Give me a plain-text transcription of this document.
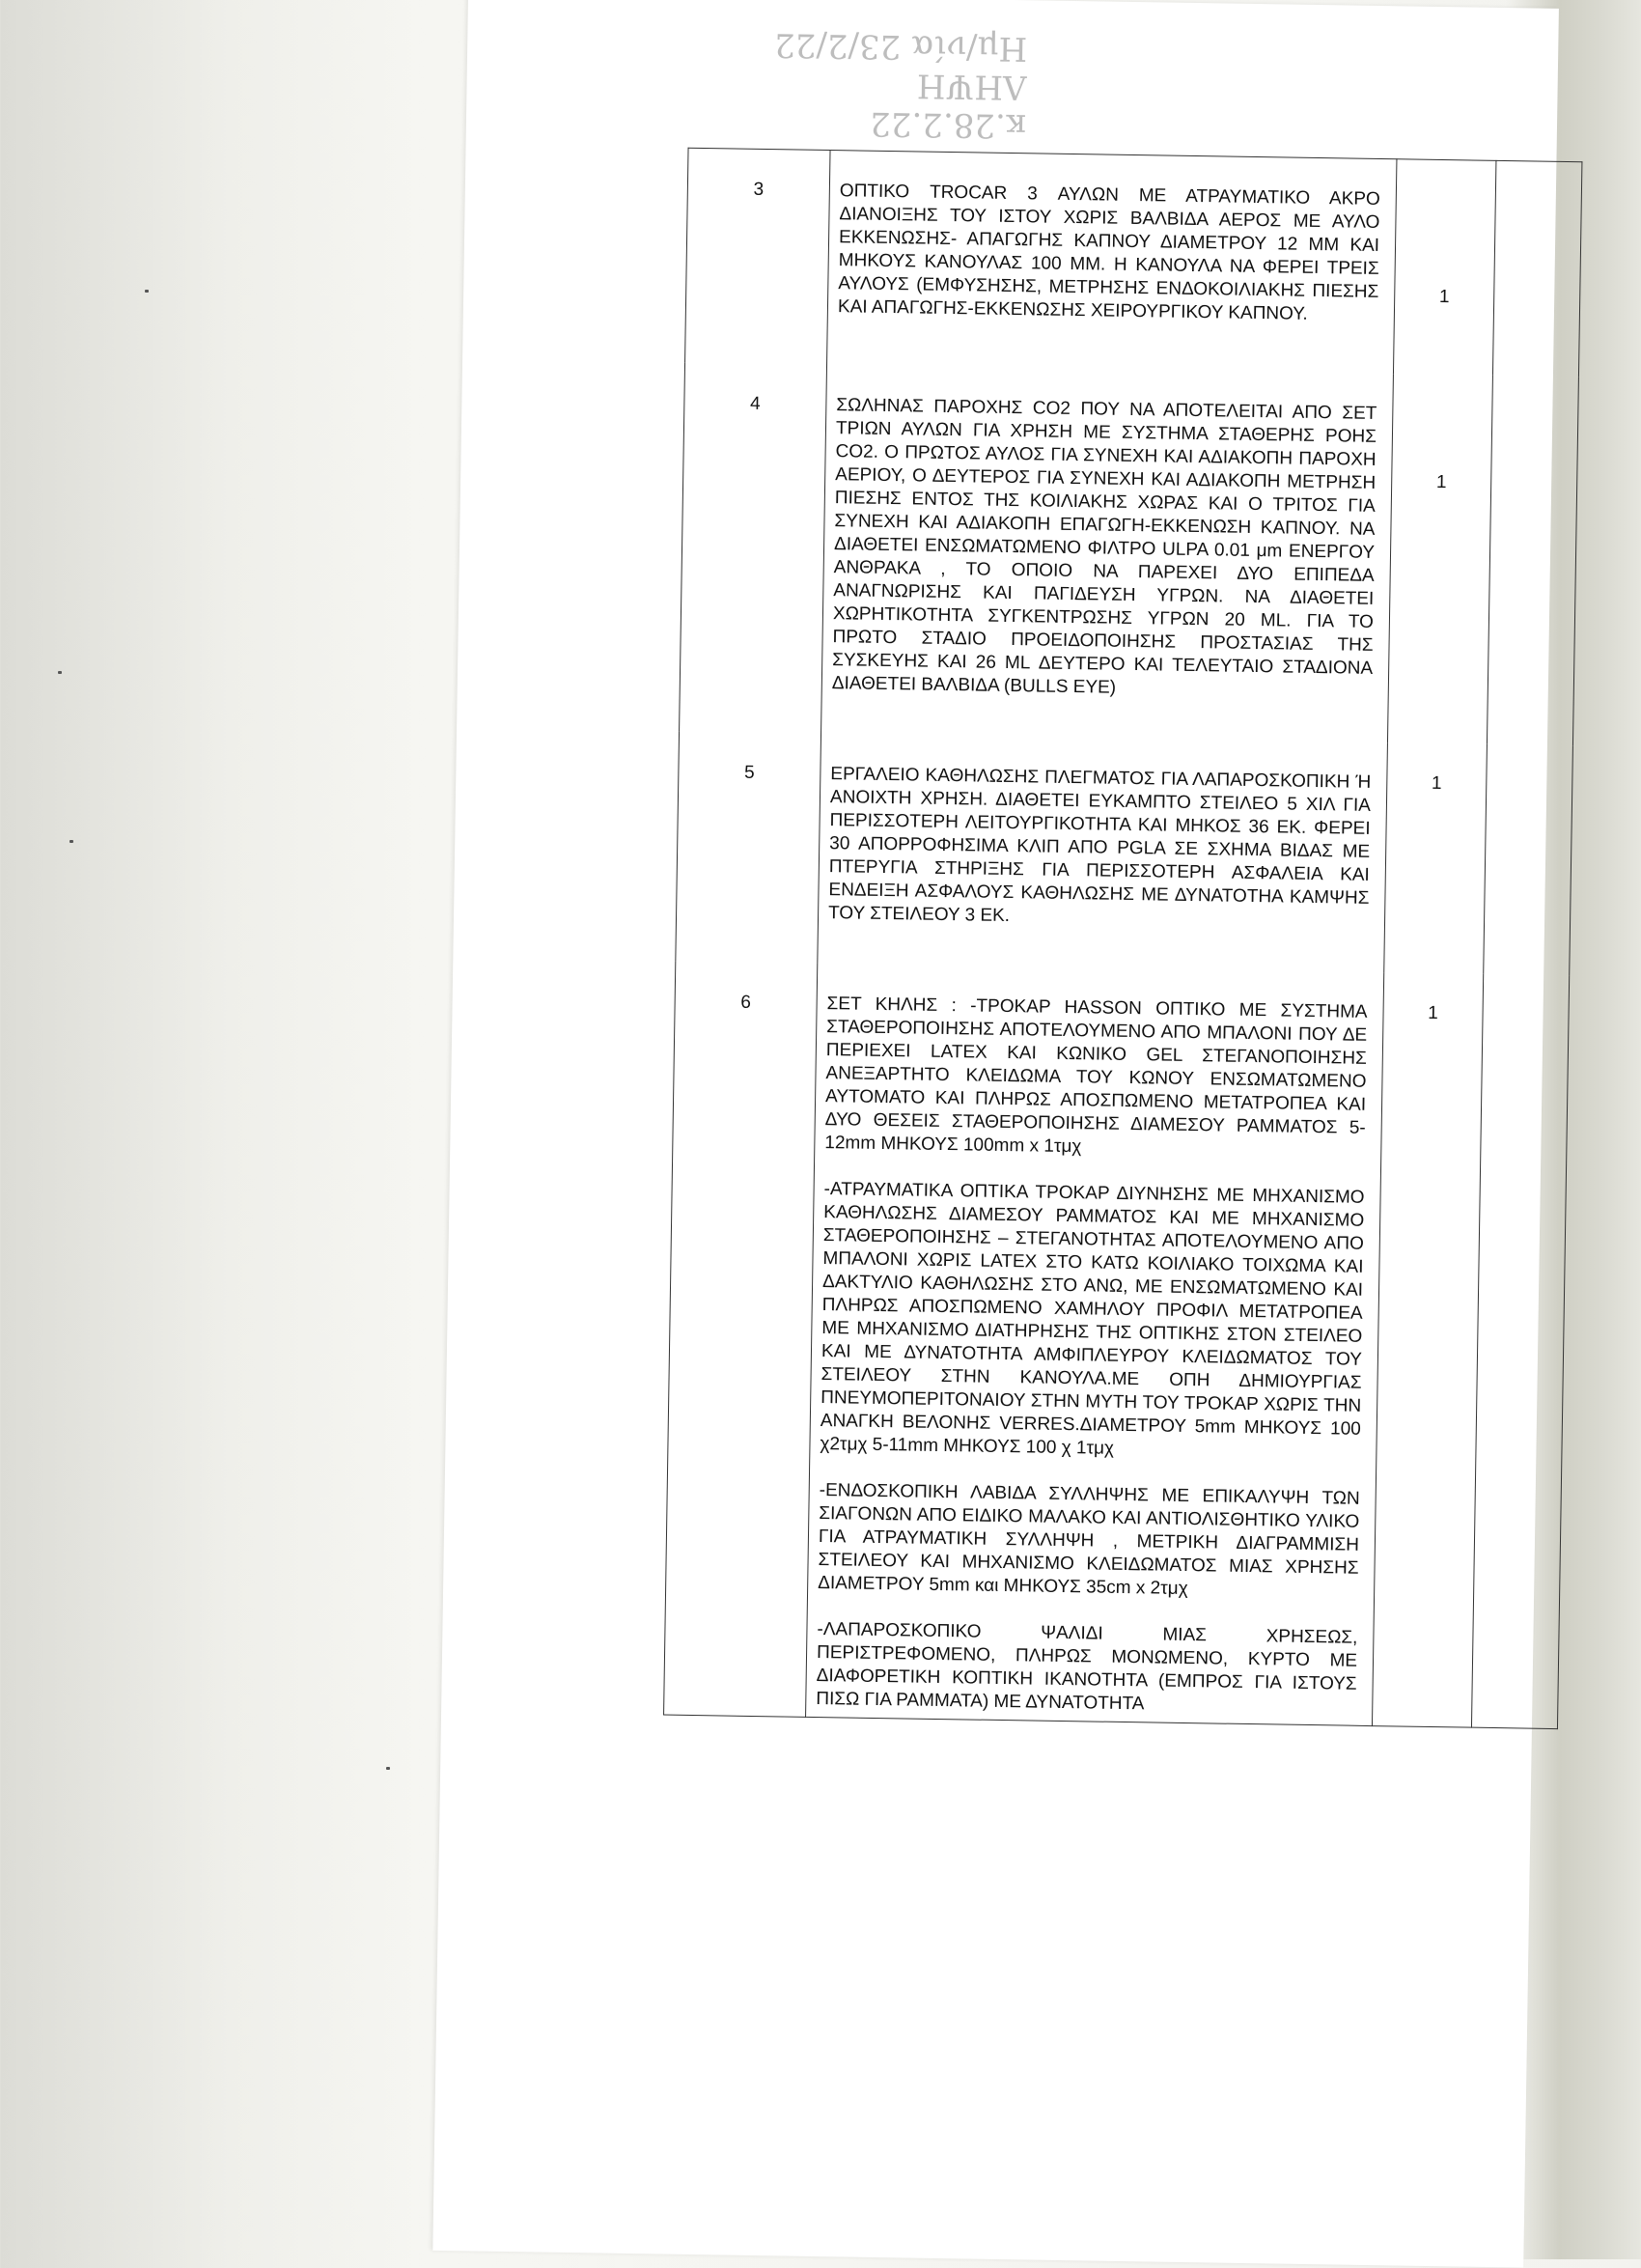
κ.28.2.22
ΛΗΨΗ
Ημ/νία 23/2/22
3	ΟΠΤΙΚΟ TROCAR 3 ΑΥΛΩΝ ΜΕ ΑΤΡΑΥΜΑΤΙΚΟ ΑΚΡΟ ΔΙΑΝΟΙΞΗΣ ΤΟΥ ΙΣΤΟΥ ΧΩΡΙΣ ΒΑΛΒΙΔΑ ΑΕΡΟΣ ΜΕ ΑΥΛΟ ΕΚΚΕΝΩΣΗΣ- ΑΠΑΓΩΓΗΣ ΚΑΠΝΟΥ ΔΙΑΜΕΤΡΟΥ 12 ΜΜ ΚΑΙ ΜΗΚΟΥΣ ΚΑΝΟΥΛΑΣ 100 ΜΜ. Η ΚΑΝΟΥΛΑ ΝΑ ΦΕΡΕΙ ΤΡΕΙΣ ΑΥΛΟΥΣ (ΕΜΦΥΣΗΣΗΣ, ΜΕΤΡΗΣΗΣ ΕΝΔΟΚΟΙΛΙΑΚΗΣ ΠΙΕΣΗΣ ΚΑΙ ΑΠΑΓΩΓΗΣ-ΕΚΚΕΝΩΣΗΣ ΧΕΙΡΟΥΡΓΙΚΟΥ ΚΑΠΝΟΥ.	1	
4	ΣΩΛΗΝΑΣ ΠΑΡΟΧΗΣ CO2 ΠΟΥ ΝΑ ΑΠΟΤΕΛΕΙΤΑΙ ΑΠΟ ΣΕΤ ΤΡΙΩΝ ΑΥΛΩΝ ΓΙΑ ΧΡΗΣΗ ΜΕ ΣΥΣΤΗΜΑ ΣΤΑΘΕΡΗΣ ΡΟΗΣ CO2. Ο ΠΡΩΤΟΣ ΑΥΛΟΣ ΓΙΑ ΣΥΝΕΧΗ ΚΑΙ ΑΔΙΑΚΟΠΗ ΠΑΡΟΧΗ ΑΕΡΙΟΥ, Ο ΔΕΥΤΕΡΟΣ ΓΙΑ ΣΥΝΕΧΗ ΚΑΙ ΑΔΙΑΚΟΠΗ ΜΕΤΡΗΣΗ ΠΙΕΣΗΣ ΕΝΤΟΣ ΤΗΣ ΚΟΙΛΙΑΚΗΣ ΧΩΡΑΣ ΚΑΙ Ο ΤΡΙΤΟΣ ΓΙΑ ΣΥΝΕΧΗ ΚΑΙ ΑΔΙΑΚΟΠΗ ΕΠΑΓΩΓΗ-ΕΚΚΕΝΩΣΗ ΚΑΠΝΟΥ. ΝΑ ΔΙΑΘΕΤΕΙ ΕΝΣΩΜΑΤΩΜΕΝΟ ΦΙΛΤΡΟ ULPA 0.01 μm ΕΝΕΡΓΟΥ ΑΝΘΡΑΚΑ , ΤΟ ΟΠΟΙΟ ΝΑ ΠΑΡΕΧΕΙ ΔΥΟ ΕΠΙΠΕΔΑ ΑΝΑΓΝΩΡΙΣΗΣ ΚΑΙ ΠΑΓΙΔΕΥΣΗ ΥΓΡΩΝ. ΝΑ ΔΙΑΘΕΤΕΙ ΧΩΡΗΤΙΚΟΤΗΤΑ ΣΥΓΚΕΝΤΡΩΣΗΣ ΥΓΡΩΝ 20 ML. ΓΙΑ ΤΟ ΠΡΩΤΟ ΣΤΑΔΙΟ ΠΡΟΕΙΔΟΠΟΙΗΣΗΣ ΠΡΟΣΤΑΣΙΑΣ ΤΗΣ ΣΥΣΚΕΥΗΣ ΚΑΙ 26 ML ΔΕΥΤΕΡΟ ΚΑΙ ΤΕΛΕΥΤΑΙΟ ΣΤΑΔΙΟΝΑ ΔΙΑΘΕΤΕΙ ΒΑΛΒΙΔΑ (BULLS EYE)	1	
5	ΕΡΓΑΛΕΙΟ ΚΑΘΗΛΩΣΗΣ ΠΛΕΓΜΑΤΟΣ ΓΙΑ ΛΑΠΑΡΟΣΚΟΠΙΚΗ Ή ΑΝΟΙΧΤΗ ΧΡΗΣΗ. ΔΙΑΘΕΤΕΙ ΕΥΚΑΜΠΤΟ ΣΤΕΙΛΕΟ 5 ΧΙΛ ΓΙΑ ΠΕΡΙΣΣΟΤΕΡΗ ΛΕΙΤΟΥΡΓΙΚΟΤΗΤΑ ΚΑΙ ΜΗΚΟΣ 36 ΕΚ. ΦΕΡΕΙ 30 ΑΠΟΡΡΟΦΗΣΙΜΑ ΚΛΙΠ ΑΠΟ PGLA ΣΕ ΣΧΗΜΑ ΒΙΔΑΣ ΜΕ ΠΤΕΡΥΓΙΑ ΣΤΗΡΙΞΗΣ ΓΙΑ ΠΕΡΙΣΣΟΤΕΡΗ ΑΣΦΑΛΕΙΑ ΚΑΙ ΕΝΔΕΙΞΗ ΑΣΦΑΛΟΥΣ ΚΑΘΗΛΩΣΗΣ ΜΕ ΔΥΝΑΤΟΤΗΑ ΚΑΜΨΗΣ ΤΟΥ ΣΤΕΙΛΕΟΥ 3 ΕΚ.	1	
6	ΣΕΤ ΚΗΛΗΣ : -ΤΡΟΚΑΡ HASSON ΟΠΤΙΚΟ ΜΕ ΣΥΣΤΗΜΑ ΣΤΑΘΕΡΟΠΟΙΗΣΗΣ ΑΠΟΤΕΛΟΥΜΕΝΟ ΑΠΟ ΜΠΑΛΟΝΙ ΠΟΥ ΔΕ ΠΕΡΙΕΧΕΙ LATEX ΚΑΙ ΚΩΝΙΚΟ GEL ΣΤΕΓΑΝΟΠΟΙΗΣΗΣ ΑΝΕΞΑΡΤΗΤΟ ΚΛΕΙΔΩΜΑ ΤΟΥ ΚΩΝΟΥ ΕΝΣΩΜΑΤΩΜΕΝΟ ΑΥΤΟΜΑΤΟ ΚΑΙ ΠΛΗΡΩΣ ΑΠΟΣΠΩΜΕΝΟ ΜΕΤΑΤΡΟΠΕΑ ΚΑΙ ΔΥΟ ΘΕΣΕΙΣ ΣΤΑΘΕΡΟΠΟΙΗΣΗΣ ΔΙΑΜΕΣΟΥ ΡΑΜΜΑΤΟΣ 5-12mm ΜΗΚΟΥΣ 100mm x 1τμχ

-ΑΤΡΑΥΜΑΤΙΚΑ ΟΠΤΙΚΑ ΤΡΟΚΑΡ ΔΙΥΝΗΣΗΣ ΜΕ ΜΗΧΑΝΙΣΜΟ ΚΑΘΗΛΩΣΗΣ ΔΙΑΜΕΣΟΥ ΡΑΜΜΑΤΟΣ ΚΑΙ ΜΕ ΜΗΧΑΝΙΣΜΟ ΣΤΑΘΕΡΟΠΟΙΗΣΗΣ – ΣΤΕΓΑΝΟΤΗΤΑΣ ΑΠΟΤΕΛΟΥΜΕΝΟ ΑΠΟ ΜΠΑΛΟΝΙ ΧΩΡΙΣ LATEX ΣΤΟ ΚΑΤΩ ΚΟΙΛΙΑΚΟ ΤΟΙΧΩΜΑ ΚΑΙ ΔΑΚΤΥΛΙΟ ΚΑΘΗΛΩΣΗΣ ΣΤΟ ΑΝΩ, ΜΕ ΕΝΣΩΜΑΤΩΜΕΝΟ ΚΑΙ ΠΛΗΡΩΣ ΑΠΟΣΠΩΜΕΝΟ ΧΑΜΗΛΟΥ ΠΡΟΦΙΛ ΜΕΤΑΤΡΟΠΕΑ ΜΕ ΜΗΧΑΝΙΣΜΟ ΔΙΑΤΗΡΗΣΗΣ ΤΗΣ ΟΠΤΙΚΗΣ ΣΤΟΝ ΣΤΕΙΛΕΟ ΚΑΙ ΜΕ ΔΥΝΑΤΟΤΗΤΑ ΑΜΦΙΠΛΕΥΡΟΥ ΚΛΕΙΔΩΜΑΤΟΣ ΤΟΥ ΣΤΕΙΛΕΟΥ ΣΤΗΝ ΚΑΝΟΥΛΑ.ΜΕ ΟΠΗ ΔΗΜΙΟΥΡΓΙΑΣ ΠΝΕΥΜΟΠΕΡΙΤΟΝΑΙΟΥ ΣΤΗΝ ΜΥΤΗ ΤΟΥ ΤΡΟΚΑΡ ΧΩΡΙΣ ΤΗΝ ΑΝΑΓΚΗ ΒΕΛΟΝΗΣ VERRES.ΔΙΑΜΕΤΡΟΥ 5mm ΜΗΚΟΥΣ 100 χ2τμχ 5-11mm ΜΗΚΟΥΣ 100 χ 1τμχ

-ΕΝΔΟΣΚΟΠΙΚΗ ΛΑΒΙΔΑ ΣΥΛΛΗΨΗΣ ΜΕ ΕΠΙΚΑΛΥΨΗ ΤΩΝ ΣΙΑΓΟΝΩΝ ΑΠΟ ΕΙΔΙΚΟ ΜΑΛΑΚΟ ΚΑΙ ΑΝΤΙΟΛΙΣΘΗΤΙΚΟ ΥΛΙΚΟ ΓΙΑ ΑΤΡΑΥΜΑΤΙΚΗ ΣΥΛΛΗΨΗ , ΜΕΤΡΙΚΗ ΔΙΑΓΡΑΜΜΙΣΗ ΣΤΕΙΛΕΟΥ ΚΑΙ ΜΗΧΑΝΙΣΜΟ ΚΛΕΙΔΩΜΑΤΟΣ ΜΙΑΣ ΧΡΗΣΗΣ ΔΙΑΜΕΤΡΟΥ 5mm και ΜΗΚΟΥΣ 35cm x 2τμχ

-ΛΑΠΑΡΟΣΚΟΠΙΚΟ ΨΑΛΙΔΙ ΜΙΑΣ ΧΡΗΣΕΩΣ, ΠΕΡΙΣΤΡΕΦΟΜΕΝΟ, ΠΛΗΡΩΣ ΜΟΝΩΜΕΝΟ, ΚΥΡΤΟ ΜΕ ΔΙΑΦΟΡΕΤΙΚΗ ΚΟΠΤΙΚΗ ΙΚΑΝΟΤΗΤΑ (ΕΜΠΡΟΣ ΓΙΑ ΙΣΤΟΥΣ ΠΙΣΩ ΓΙΑ ΡΑΜΜΑΤΑ) ΜΕ ΔΥΝΑΤΟΤΗΤΑ	1	
